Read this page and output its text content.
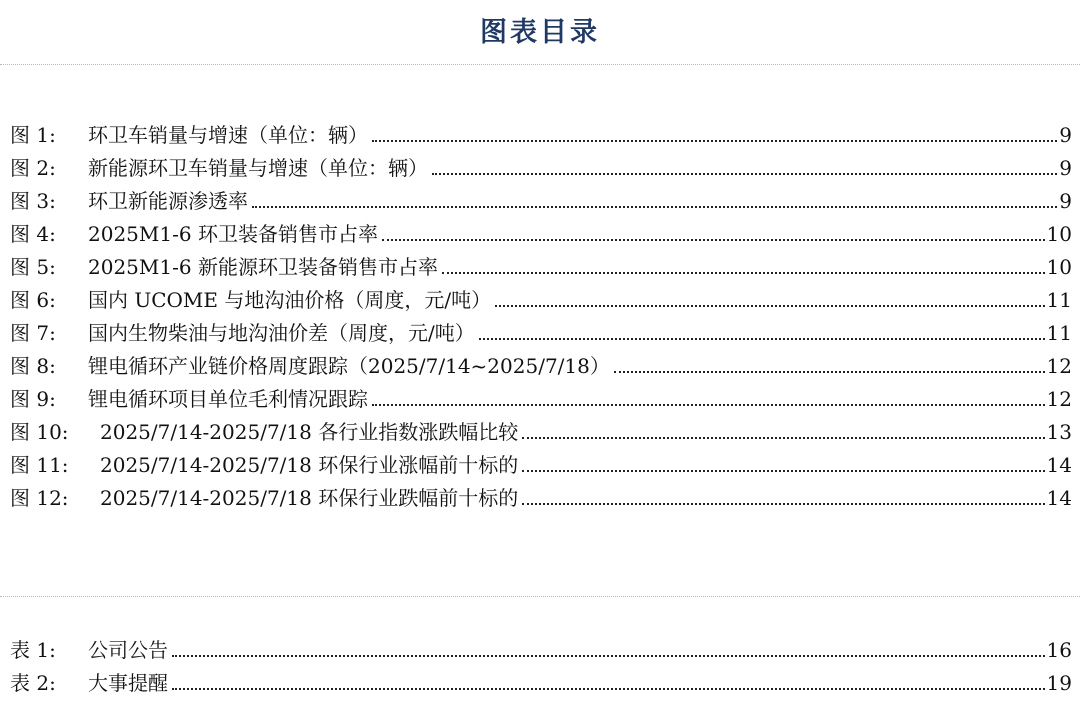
图表目录
图 1:	环卫车销量与增速（单位：辆）	9
图 2:	新能源环卫车销量与增速（单位：辆）	9
图 3:	环卫新能源渗透率	9
图 4:	2025M1-6 环卫装备销售市占率	10
图 5:	2025M1-6 新能源环卫装备销售市占率	10
图 6:	国内 UCOME 与地沟油价格（周度，元/吨）	11
图 7:	国内生物柴油与地沟油价差（周度，元/吨）	11
图 8:	锂电循环产业链价格周度跟踪（2025/7/14~2025/7/18）	12
图 9:	锂电循环项目单位毛利情况跟踪	12
图 10:	2025/7/14-2025/7/18 各行业指数涨跌幅比较	13
图 11:	2025/7/14-2025/7/18 环保行业涨幅前十标的	14
图 12:	2025/7/14-2025/7/18 环保行业跌幅前十标的	14
表 1:	公司公告	16
表 2:	大事提醒	19
